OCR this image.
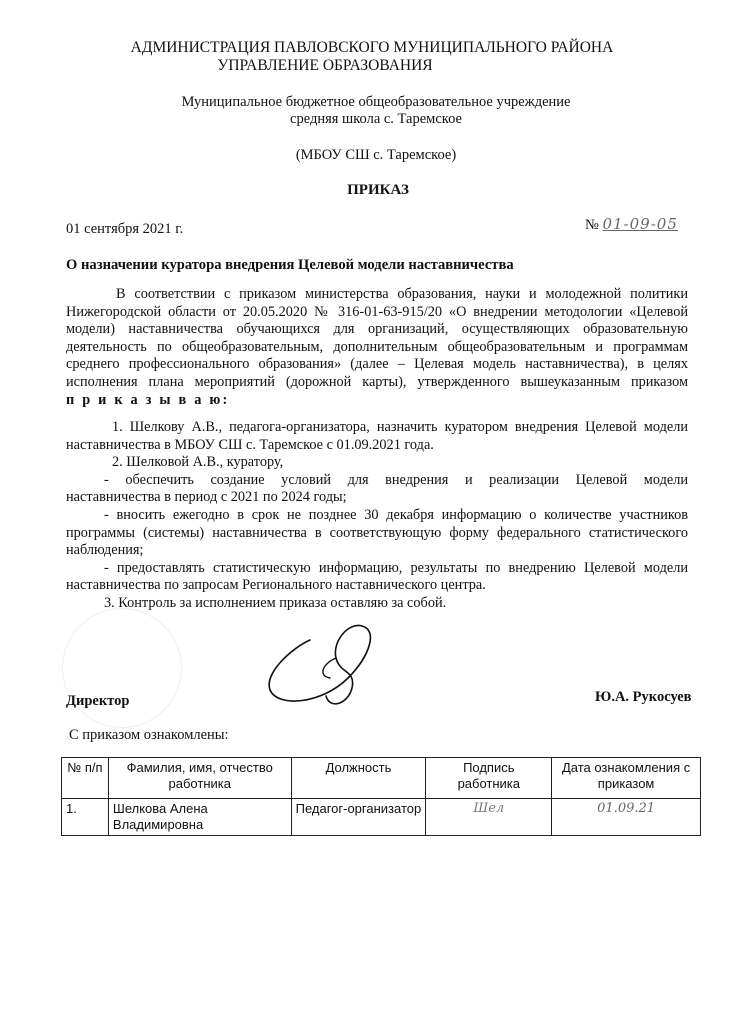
АДМИНИСТРАЦИЯ ПАВЛОВСКОГО МУНИЦИПАЛЬНОГО РАЙОНА
УПРАВЛЕНИЕ ОБРАЗОВАНИЯ
Муниципальное бюджетное общеобразовательное учреждение
средняя школа с. Таремское
(МБОУ СШ с. Таремское)
ПРИКАЗ
01 сентября 2021 г.	№ 01-09-05
О назначении куратора внедрения Целевой модели наставничества
В соответствии с приказом министерства образования, науки и молодежной политики
Нижегородской области от 20.05.2020 № 316-01-63-915/20 «О внедрении методологии «Целевой
модели) наставничества обучающихся для организаций, осуществляющих образовательную
деятельность по общеобразовательным, дополнительным общеобразовательным и программам
среднего профессионального образования» (далее – Целевая модель наставничества), в целях
исполнения плана мероприятий (дорожной карты), утвержденного вышеуказанным приказом
п р и к а з ы в а ю:
1. Шелкову А.В., педагога-организатора, назначить куратором внедрения Целевой модели
наставничества в МБОУ СШ с. Таремское с 01.09.2021 года.
2. Шелковой А.В., куратору,
- обеспечить создание условий для внедрения и реализации Целевой модели
наставничества в период с 2021 по 2024 годы;
- вносить ежегодно в срок не позднее 30 декабря информацию о количестве участников
программы (системы) наставничества в соответствующую форму федерального статистического
наблюдения;
- предоставлять статистическую информацию, результаты по внедрению Целевой модели
наставничества по запросам Регионального наставнического центра.
3. Контроль за исполнением приказа оставляю за собой.
Директор	Ю.А. Рукосуев
С приказом ознакомлены:
№ п/п	Фамилия, имя, отчество работника	Должность	Подпись работника	Дата ознакомления с приказом
1.	Шелкова Алена Владимировна	Педагог-организатор	Шел	01.09.21
